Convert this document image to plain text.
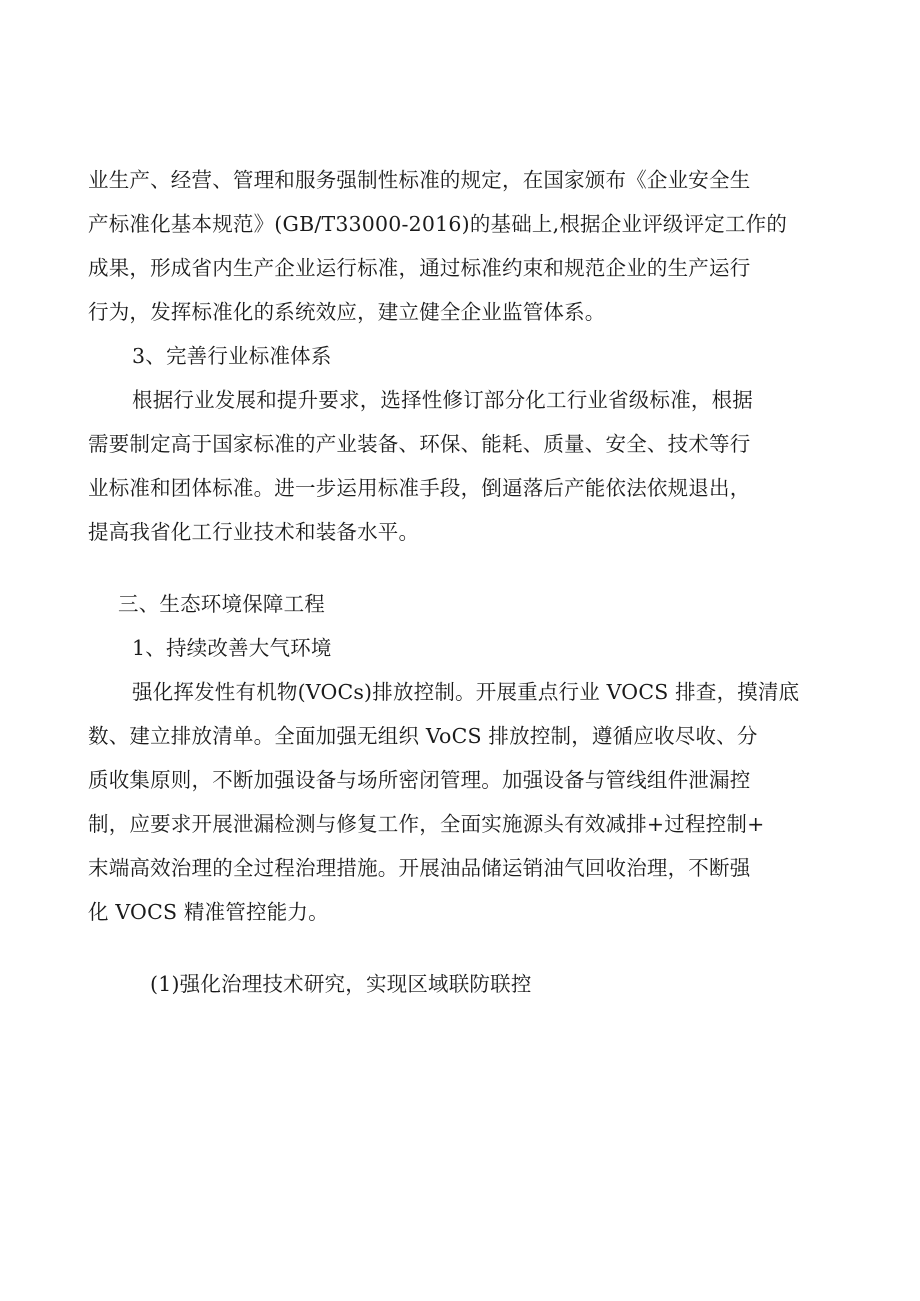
业生产、经营、管理和服务强制性标准的规定，在国家颁布《企业安全生
产标准化基本规范》(GB/T33000-2016)的基础上,根据企业评级评定工作的
成果，形成省内生产企业运行标准，通过标准约束和规范企业的生产运行
行为，发挥标准化的系统效应，建立健全企业监管体系。
3、完善行业标准体系
根据行业发展和提升要求，选择性修订部分化工行业省级标准，根据
需要制定高于国家标准的产业装备、环保、能耗、质量、安全、技术等行
业标准和团体标准。进一步运用标准手段，倒逼落后产能依法依规退出，
提高我省化工行业技术和装备水平。
三、生态环境保障工程
1、持续改善大气环境
强化挥发性有机物(VOCs)排放控制。开展重点行业 VOCS 排查，摸清底
数、建立排放清单。全面加强无组织 VoCS 排放控制，遵循应收尽收、分
质收集原则，不断加强设备与场所密闭管理。加强设备与管线组件泄漏控
制，应要求开展泄漏检测与修复工作，全面实施源头有效减排+过程控制+
末端高效治理的全过程治理措施。开展油品储运销油气回收治理，不断强
化 VOCS 精准管控能力。
(1)强化治理技术研究，实现区域联防联控
